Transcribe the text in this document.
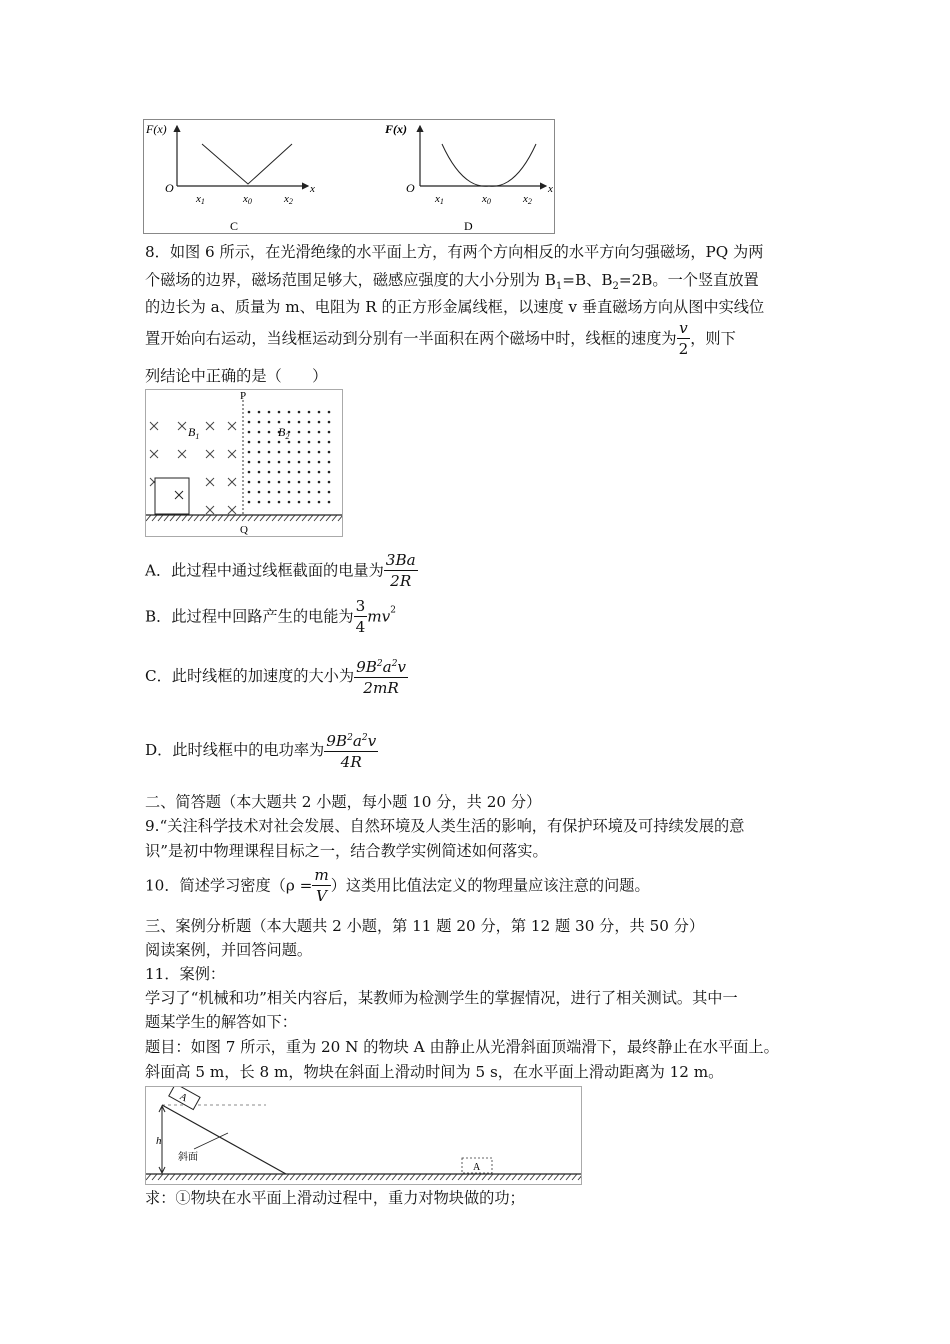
F(x)
O	x
x1	x0	x2
C
F(x)
O	x
x1	x0	x2
D
8．如图 6 所示，在光滑绝缘的水平面上方，有两个方向相反的水平方向匀强磁场，PQ 为两
个磁场的边界，磁场范围足够大，磁感应强度的大小分别为 $B_1=B$、$B_2=2B$。一个竖直放置
的边长为 a、质量为 m、电阻为 R 的正方形金属线框，以速度 v 垂直磁场方向从图中实线位
置开始向右运动，当线框运动到分别有一半面积在两个磁场中时，线框的速度为 $\frac{v}{2}$ ，则下
列结论中正确的是（　　）
P
Q
$B_1$	$B_2$
A．此过程中通过线框截面的电量为 $\frac{3Ba}{2R}$
B．此过程中回路产生的电能为 $\frac{3}{4} mv^2$
C．此时线框的加速度的大小为 $\frac{9B^2a^2v}{2mR}$
D．此时线框中的电功率为 $\frac{9B^2a^2v}{4R}$
二、简答题（本大题共 2 小题，每小题 10 分，共 20 分）
9.“关注科学技术对社会发展、自然环境及人类生活的影响，有保护环境及可持续发展的意
识”是初中物理课程目标之一，结合教学实例简述如何落实。
10．简述学习密度（$\rho = \frac{m}{V}$ ）这类用比值法定义的物理量应该注意的问题。
三、案例分析题（本大题共 2 小题，第 11 题 20 分，第 12 题 30 分，共 50 分）
阅读案例，并回答问题。
11．案例：
学习了“机械和功”相关内容后，某教师为检测学生的掌握情况，进行了相关测试。其中一
题某学生的解答如下：
题目：如图 7 所示，重为 20 N 的物块 A 由静止从光滑斜面顶端滑下，最终静止在水平面上。
斜面高 5 m，长 8 m，物块在斜面上滑动时间为 5 s，在水平面上滑动距离为 12 m。
A
A
h
斜面
求：①物块在水平面上滑动过程中，重力对物块做的功；
